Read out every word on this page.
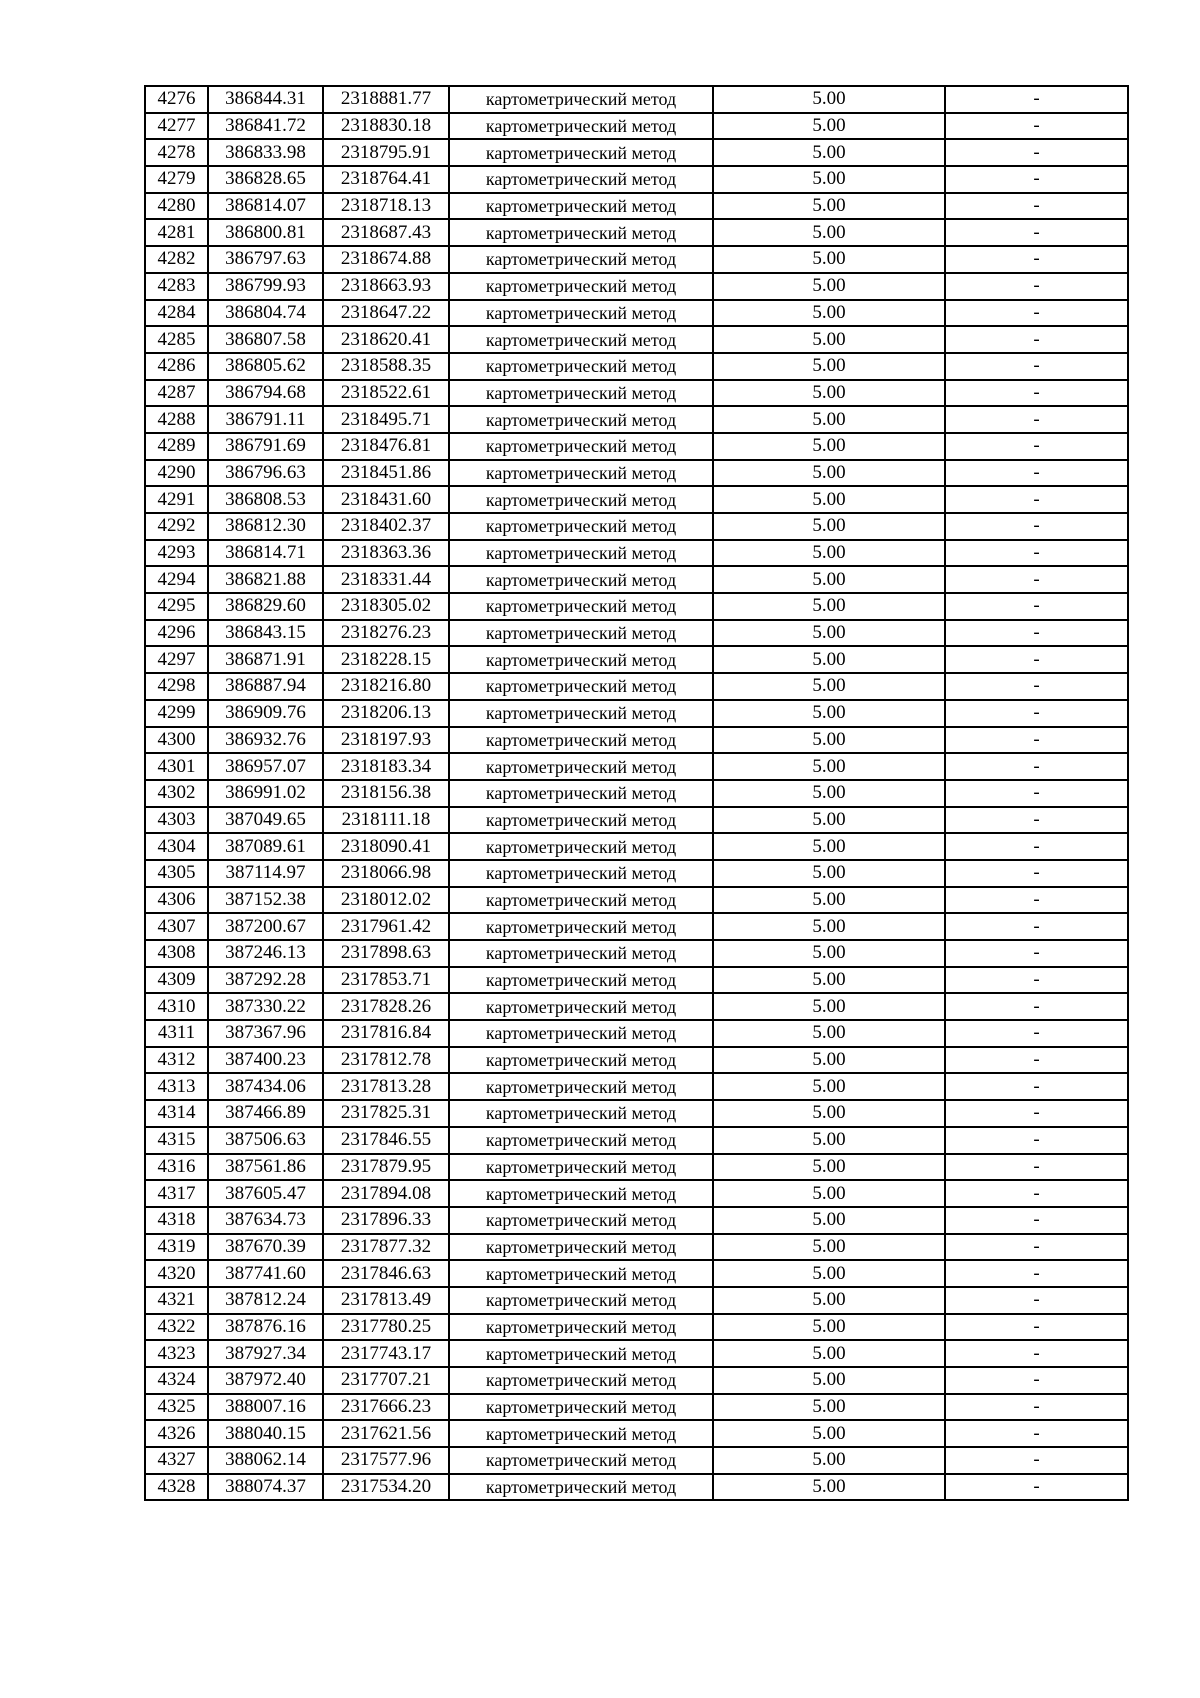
4276	386844.31	2318881.77	картометрический метод	5.00	-
4277	386841.72	2318830.18	картометрический метод	5.00	-
4278	386833.98	2318795.91	картометрический метод	5.00	-
4279	386828.65	2318764.41	картометрический метод	5.00	-
4280	386814.07	2318718.13	картометрический метод	5.00	-
4281	386800.81	2318687.43	картометрический метод	5.00	-
4282	386797.63	2318674.88	картометрический метод	5.00	-
4283	386799.93	2318663.93	картометрический метод	5.00	-
4284	386804.74	2318647.22	картометрический метод	5.00	-
4285	386807.58	2318620.41	картометрический метод	5.00	-
4286	386805.62	2318588.35	картометрический метод	5.00	-
4287	386794.68	2318522.61	картометрический метод	5.00	-
4288	386791.11	2318495.71	картометрический метод	5.00	-
4289	386791.69	2318476.81	картометрический метод	5.00	-
4290	386796.63	2318451.86	картометрический метод	5.00	-
4291	386808.53	2318431.60	картометрический метод	5.00	-
4292	386812.30	2318402.37	картометрический метод	5.00	-
4293	386814.71	2318363.36	картометрический метод	5.00	-
4294	386821.88	2318331.44	картометрический метод	5.00	-
4295	386829.60	2318305.02	картометрический метод	5.00	-
4296	386843.15	2318276.23	картометрический метод	5.00	-
4297	386871.91	2318228.15	картометрический метод	5.00	-
4298	386887.94	2318216.80	картометрический метод	5.00	-
4299	386909.76	2318206.13	картометрический метод	5.00	-
4300	386932.76	2318197.93	картометрический метод	5.00	-
4301	386957.07	2318183.34	картометрический метод	5.00	-
4302	386991.02	2318156.38	картометрический метод	5.00	-
4303	387049.65	2318111.18	картометрический метод	5.00	-
4304	387089.61	2318090.41	картометрический метод	5.00	-
4305	387114.97	2318066.98	картометрический метод	5.00	-
4306	387152.38	2318012.02	картометрический метод	5.00	-
4307	387200.67	2317961.42	картометрический метод	5.00	-
4308	387246.13	2317898.63	картометрический метод	5.00	-
4309	387292.28	2317853.71	картометрический метод	5.00	-
4310	387330.22	2317828.26	картометрический метод	5.00	-
4311	387367.96	2317816.84	картометрический метод	5.00	-
4312	387400.23	2317812.78	картометрический метод	5.00	-
4313	387434.06	2317813.28	картометрический метод	5.00	-
4314	387466.89	2317825.31	картометрический метод	5.00	-
4315	387506.63	2317846.55	картометрический метод	5.00	-
4316	387561.86	2317879.95	картометрический метод	5.00	-
4317	387605.47	2317894.08	картометрический метод	5.00	-
4318	387634.73	2317896.33	картометрический метод	5.00	-
4319	387670.39	2317877.32	картометрический метод	5.00	-
4320	387741.60	2317846.63	картометрический метод	5.00	-
4321	387812.24	2317813.49	картометрический метод	5.00	-
4322	387876.16	2317780.25	картометрический метод	5.00	-
4323	387927.34	2317743.17	картометрический метод	5.00	-
4324	387972.40	2317707.21	картометрический метод	5.00	-
4325	388007.16	2317666.23	картометрический метод	5.00	-
4326	388040.15	2317621.56	картометрический метод	5.00	-
4327	388062.14	2317577.96	картометрический метод	5.00	-
4328	388074.37	2317534.20	картометрический метод	5.00	-
